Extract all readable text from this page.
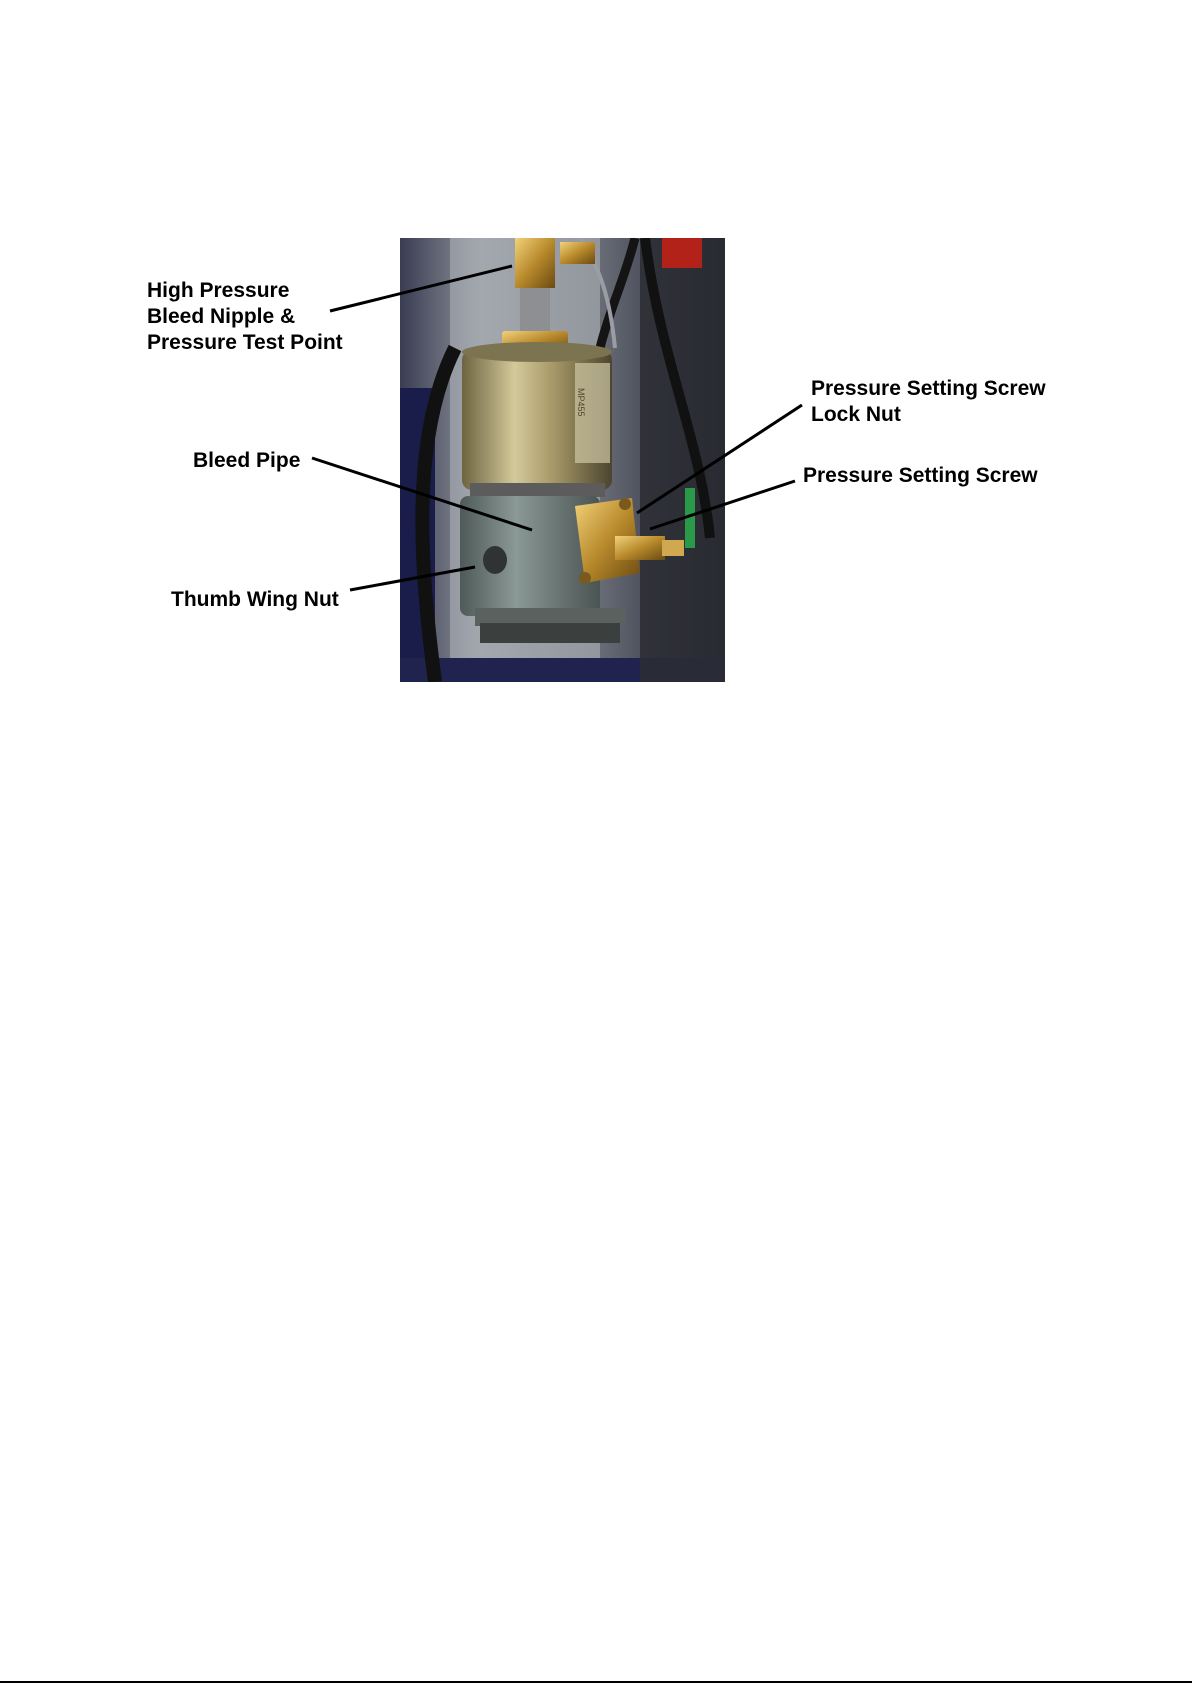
MP455
High Pressure
Bleed Nipple &
Pressure Test Point
Bleed Pipe
Thumb Wing Nut
Pressure Setting Screw
Lock Nut
Pressure Setting Screw
